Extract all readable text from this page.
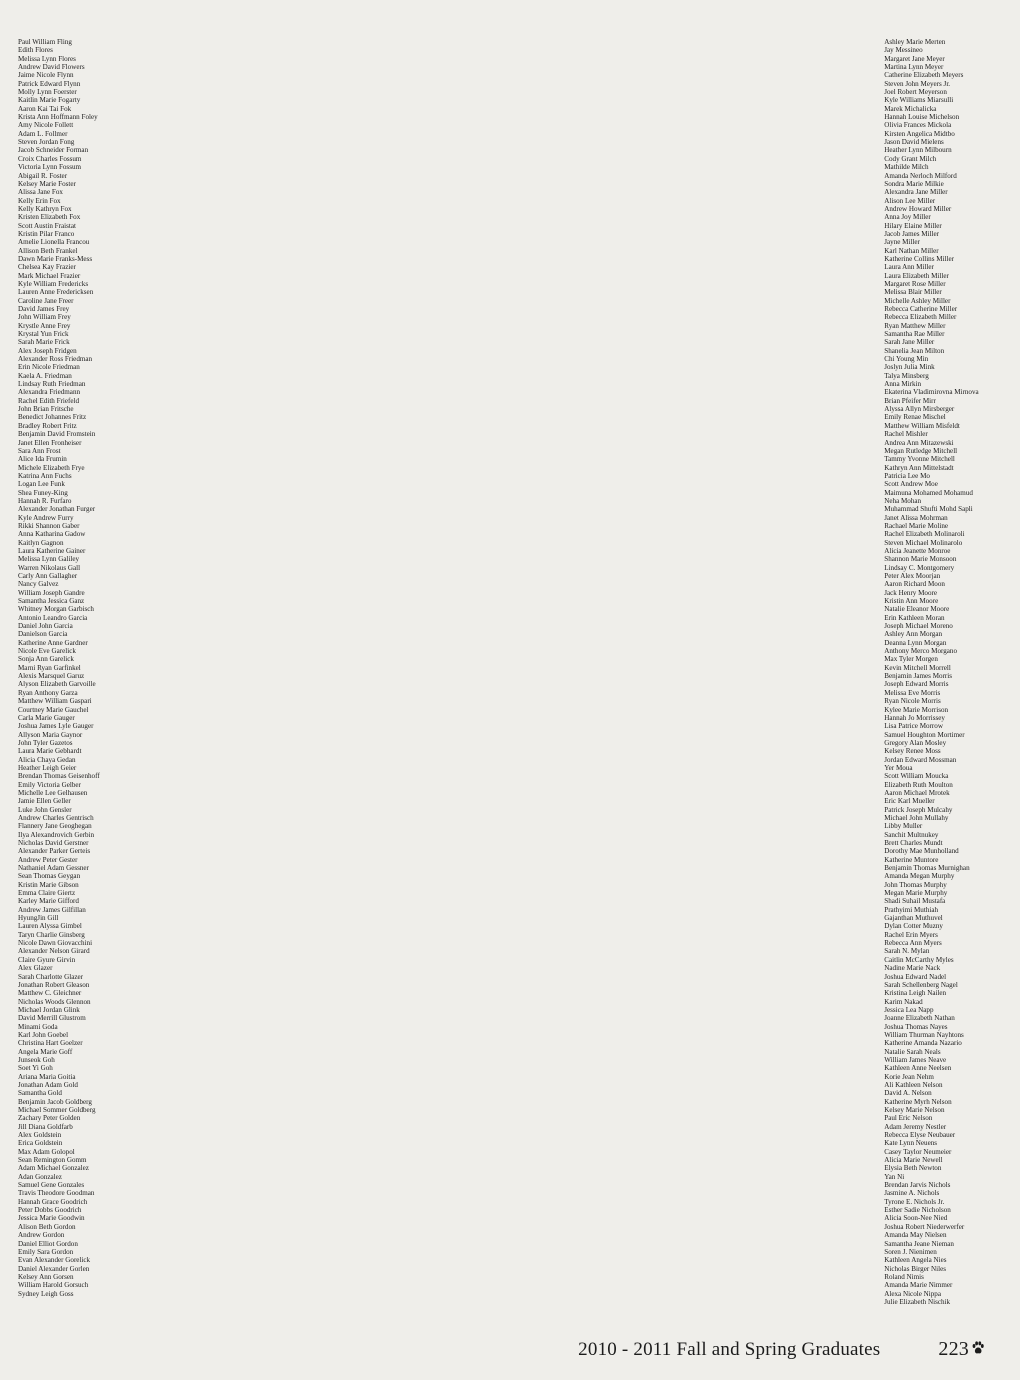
Paul William Fling
Edith Flores
Melissa Lynn Flores
Andrew David Flowers
Jaime Nicole Flynn
Patrick Edward Flynn
Molly Lynn Foerster
Kaitlin Marie Fogarty
Aaron Kai Tai Fok
Krista Ann Hoffmann Foley
Amy Nicole Follett
Adam L. Follmer
Steven Jordan Fong
Jacob Schneider Forman
Croix Charles Fossum
Victoria Lynn Fossum
Abigail R. Foster
Kelsey Marie Foster
Alissa Jane Fox
Kelly Erin Fox
Kelly Kathryn Fox
Kristen Elizabeth Fox
Scott Austin Fraistat
Kristin Pilar Franco
Amelie Lionella Francou
Allison Beth Frankel
Dawn Marie Franks-Mess
Chelsea Kay Frazier
Mark Michael Frazier
Kyle William Fredericks
Lauren Anne Fredericksen
Caroline Jane Freer
David James Frey
John William Frey
Krystle Anne Frey
Krystal Yun Frick
Sarah Marie Frick
Alex Joseph Fridgen
Alexander Ross Friedman
Erin Nicole Friedman
Kaela A. Friedman
Lindsay Ruth Friedman
Alexandra Friedmann
Rachel Edith Friefeld
John Brian Fritsche
Benedict Johannes Fritz
Bradley Robert Fritz
Benjamin David Fromstein
Janet Ellen Fronheiser
Sara Ann Frost
Alice Ida Frumin
Michele Elizabeth Frye
Katrina Ann Fuchs
Logan Lee Funk
Shea Funey-King
Hannah R. Furfaro
Alexander Jonathan Furger
Kyle Andrew Furry
Rikki Shannon Gaber
Anna Katharina Gadow
Kaitlyn Gagnon
Laura Katherine Gainer
Melissa Lynn Galiley
Warren Nikolaus Gall
Carly Ann Gallagher
Nancy Galvez
William Joseph Gandre
Samantha Jessica Ganz
Whitney Morgan Garbisch
Antonio Leandro Garcia
Daniel John Garcia
Danielson Garcia
Katherine Anne Gardner
Nicole Eve Garelick
Sonja Ann Garelick
Marni Ryan Garfinkel
Alexis Marsquel Garuz
Alyson Elizabeth Garvoille
Ryan Anthony Garza
Matthew William Gaspari
Courtney Marie Gauchel
Carla Marie Gauger
Joshua James Lyle Gauger
Allyson Maria Gaynor
John Tyler Gazetos
Laura Marie Gebhardt
Alicia Chaya Gedan
Heather Leigh Geier
Brendan Thomas Geisenhoff
Emily Victoria Gelber
Michelle Lee Gelhausen
Jamie Ellen Geller
Luke John Gensler
Andrew Charles Gentrisch
Flannery Jane Geoghegan
Ilya Alexandrovich Gerbin
Nicholas David Gerstner
Alexander Parker Gerteis
Andrew Peter Gester
Nathaniel Adam Gessner
Sean Thomas Geygan
Kristin Marie Gibson
Emma Claire Giertz
Karley Marie Gifford
Andrew James Gilfillan
HyungJin Gill
Lauren Alyssa Gimbel
Taryn Charlie Ginsberg
Nicole Dawn Giovacchini
Alexander Nelson Girard
Claire Gyure Girvin
Alex Glazer
Sarah Charlotte Glazer
Jonathan Robert Gleason
Matthew C. Gleichner
Nicholas Woods Glennon
Michael Jordan Glink
David Merrill Glustrom
Minami Goda
Karl John Goebel
Christina Hart Goelzer
Angela Marie Goff
Junseok Goh
Soet Yi Goh
Ariana Maria Goitia
Jonathan Adam Gold
Samantha Gold
Benjamin Jacob Goldberg
Michael Sommer Goldberg
Zachary Peter Golden
Jill Diana Goldfarb
Alex Goldstein
Erica Goldstein
Max Adam Golopol
Sean Remington Gomm
Adam Michael Gonzalez
Adan Gonzalez
Samuel Gene Gonzales
Travis Theodore Goodman
Hannah Grace Goodrich
Peter Dobbs Goodrich
Jessica Marie Goodwin
Alison Beth Gordon
Andrew Gordon
Daniel Elliot Gordon
Emily Sara Gordon
Evan Alexander Gorelick
Daniel Alexander Gorlen
Kelsey Ann Gorsen
William Harold Gorsuch
Sydney Leigh Goss
Ashley Marie Merten
Jay Messineo
Margaret Jane Meyer
Martina Lynn Meyer
Catherine Elizabeth Meyers
Steven John Meyers Jr.
Joel Robert Meyerson
Kyle Williams Miarsulli
Marek Michalicka
Hannah Louise Michelson
Olivia Frances Mickola
Kirsten Angelica Midtbo
Jason David Mielens
Heather Lynn Milbourn
Cody Grant Milch
Mathilde Milch
Amanda Nerloch Milford
Sondra Marie Milkie
Alexandra Jane Miller
Alison Lee Miller
Andrew Howard Miller
Anna Joy Miller
Hilary Elaine Miller
Jacob James Miller
Jayne Miller
Karl Nathan Miller
Katherine Collins Miller
Laura Ann Miller
Laura Elizabeth Miller
Margaret Rose Miller
Melissa Blair Miller
Michelle Ashley Miller
Rebecca Catherine Miller
Rebecca Elizabeth Miller
Ryan Matthew Miller
Samantha Rae Miller
Sarah Jane Miller
Shanelia Jean Milton
Chi Young Min
Joslyn Julia Mink
Talya Minsberg
Anna Mirkin
Ekaterina Vladimirovna Mirnova
Brian Pfeifer Mirr
Alyssa Allyn Mirsberger
Emily Renae Mischel
Matthew William Misfeldt
Rachel Mishler
Andrea Ann Mitazewski
Megan Rutledge Mitchell
Tammy Yvonne Mitchell
Kathryn Ann Mittelstadt
Patricia Lee Mo
Scott Andrew Moe
Maimuna Mohamed Mohamud
Neha Mohan
Muhammad Shufti Mohd Sapli
Janet Alissa Mohrman
Rachael Marie Moline
Rachel Elizabeth Molinaroli
Steven Michael Molinarolo
Alicia Jeanette Monroe
Shannon Marie Monsoon
Lindsay C. Montgomery
Peter Alex Moorjan
Aaron Richard Moon
Jack Henry Moore
Kristin Ann Moore
Natalie Eleanor Moore
Erin Kathleen Moran
Joseph Michael Moreno
Ashley Ann Morgan
Deanna Lynn Morgan
Anthony Merco Morgano
Max Tyler Morgen
Kevin Mitchell Morrell
Benjamin James Morris
Joseph Edward Morris
Melissa Eve Morris
Ryan Nicole Morris
Kylee Marie Morrison
Hannah Jo Morrissey
Lisa Patrice Morrow
Samuel Houghton Mortimer
Gregory Alan Mosley
Kelsey Renee Moss
Jordan Edward Mossman
Yer Moua
Scott William Moucka
Elizabeth Ruth Moulton
Aaron Michael Mrotek
Eric Karl Mueller
Patrick Joseph Mulcahy
Michael John Mullahy
Libby Muller
Sanchit Multnukey
Brett Charles Mundt
Dorothy Mae Munholland
Katherine Muntore
Benjamin Thomas Murnighan
Amanda Megan Murphy
John Thomas Murphy
Megan Marie Murphy
Shadi Suhail Mustafa
Prathyimi Muthiah
Gajanthan Muthuvel
Dylan Cotter Muzny
Rachel Erin Myers
Rebecca Ann Myers
Sarah N. Mylan
Caitlin McCarthy Myles
Nadine Marie Nack
Joshua Edward Nadel
Sarah Schellenberg Nagel
Kristina Leigh Nailen
Karim Nakad
Jessica Lea Napp
Joanne Elizabeth Nathan
Joshua Thomas Nayes
William Thurman Nayhtons
Katherine Amanda Nazario
Natalie Sarah Neals
William James Neave
Kathleen Anne Neelsen
Korie Jean Nehm
Ali Kathleen Nelson
David A. Nelson
Katherine Myrh Nelson
Kelsey Marie Nelson
Paul Eric Nelson
Adam Jeremy Nestler
Rebecca Elyse Neubauer
Kate Lynn Neuens
Casey Taylor Neumeier
Alicia Marie Newell
Elysia Beth Newton
Yan Ni
Brendan Jarvis Nichols
Jasmine A. Nichols
Tyrone E. Nichols Jr.
Esther Sadie Nicholson
Alicia Soon-Nee Nied
Joshua Robert Niederwerfer
Amanda May Nielsen
Samantha Jeane Nieman
Soren J. Nienimen
Kathleen Angela Nies
Nicholas Birger Niles
Roland Nimis
Amanda Marie Nimmer
Alexa Nicole Nippa
Julie Elizabeth Nischik
2010 - 2011 Fall and Spring Graduates	223
